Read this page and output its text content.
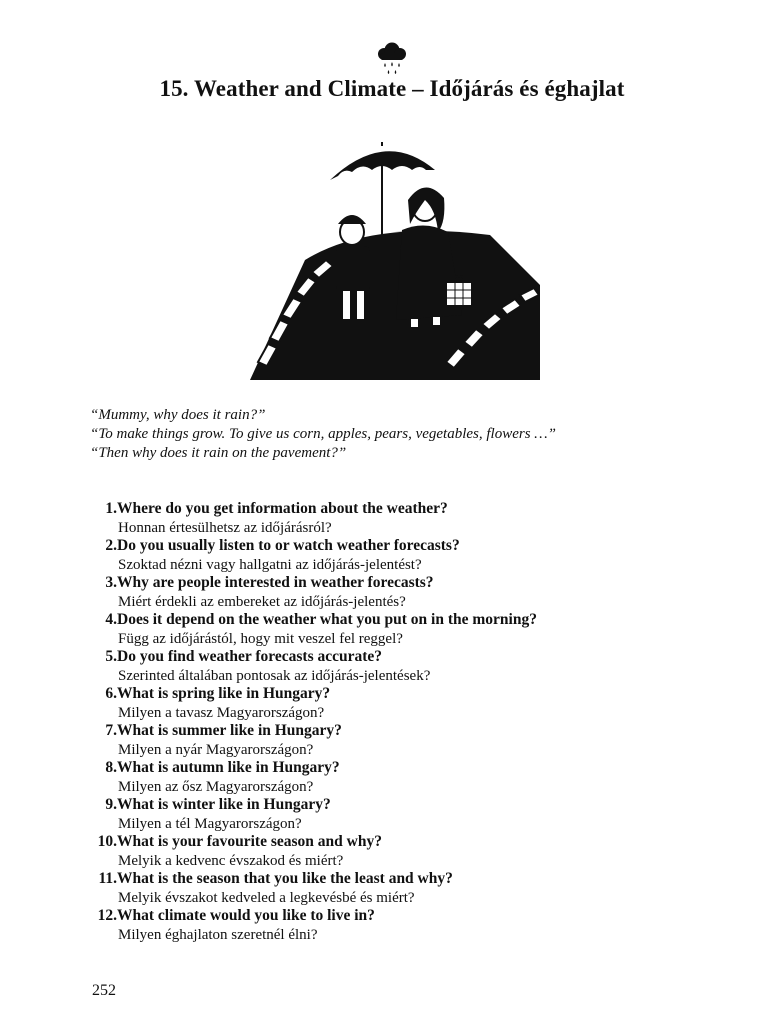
15. Weather and Climate – Időjárás és éghajlat
“Mummy, why does it rain?”
“To make things grow. To give us corn, apples, pears, vegetables, flowers …”
“Then why does it rain on the pavement?”
1. Where do you get information about the weather?
Honnan értesülhetsz az időjárásról?
2. Do you usually listen to or watch weather forecasts?
Szoktad nézni vagy hallgatni az időjárás-jelentést?
3. Why are people interested in weather forecasts?
Miért érdekli az embereket az időjárás-jelentés?
4. Does it depend on the weather what you put on in the morning?
Függ az időjárástól, hogy mit veszel fel reggel?
5. Do you find weather forecasts accurate?
Szerinted általában pontosak az időjárás-jelentések?
6. What is spring like in Hungary?
Milyen a tavasz Magyarországon?
7. What is summer like in Hungary?
Milyen a nyár Magyarországon?
8. What is autumn like in Hungary?
Milyen az ősz Magyarországon?
9. What is winter like in Hungary?
Milyen a tél Magyarországon?
10. What is your favourite season and why?
Melyik a kedvenc évszakod és miért?
11. What is the season that you like the least and why?
Melyik évszakot kedveled a legkevésbé és miért?
12. What climate would you like to live in?
Milyen éghajlaton szeretnél élni?
252
